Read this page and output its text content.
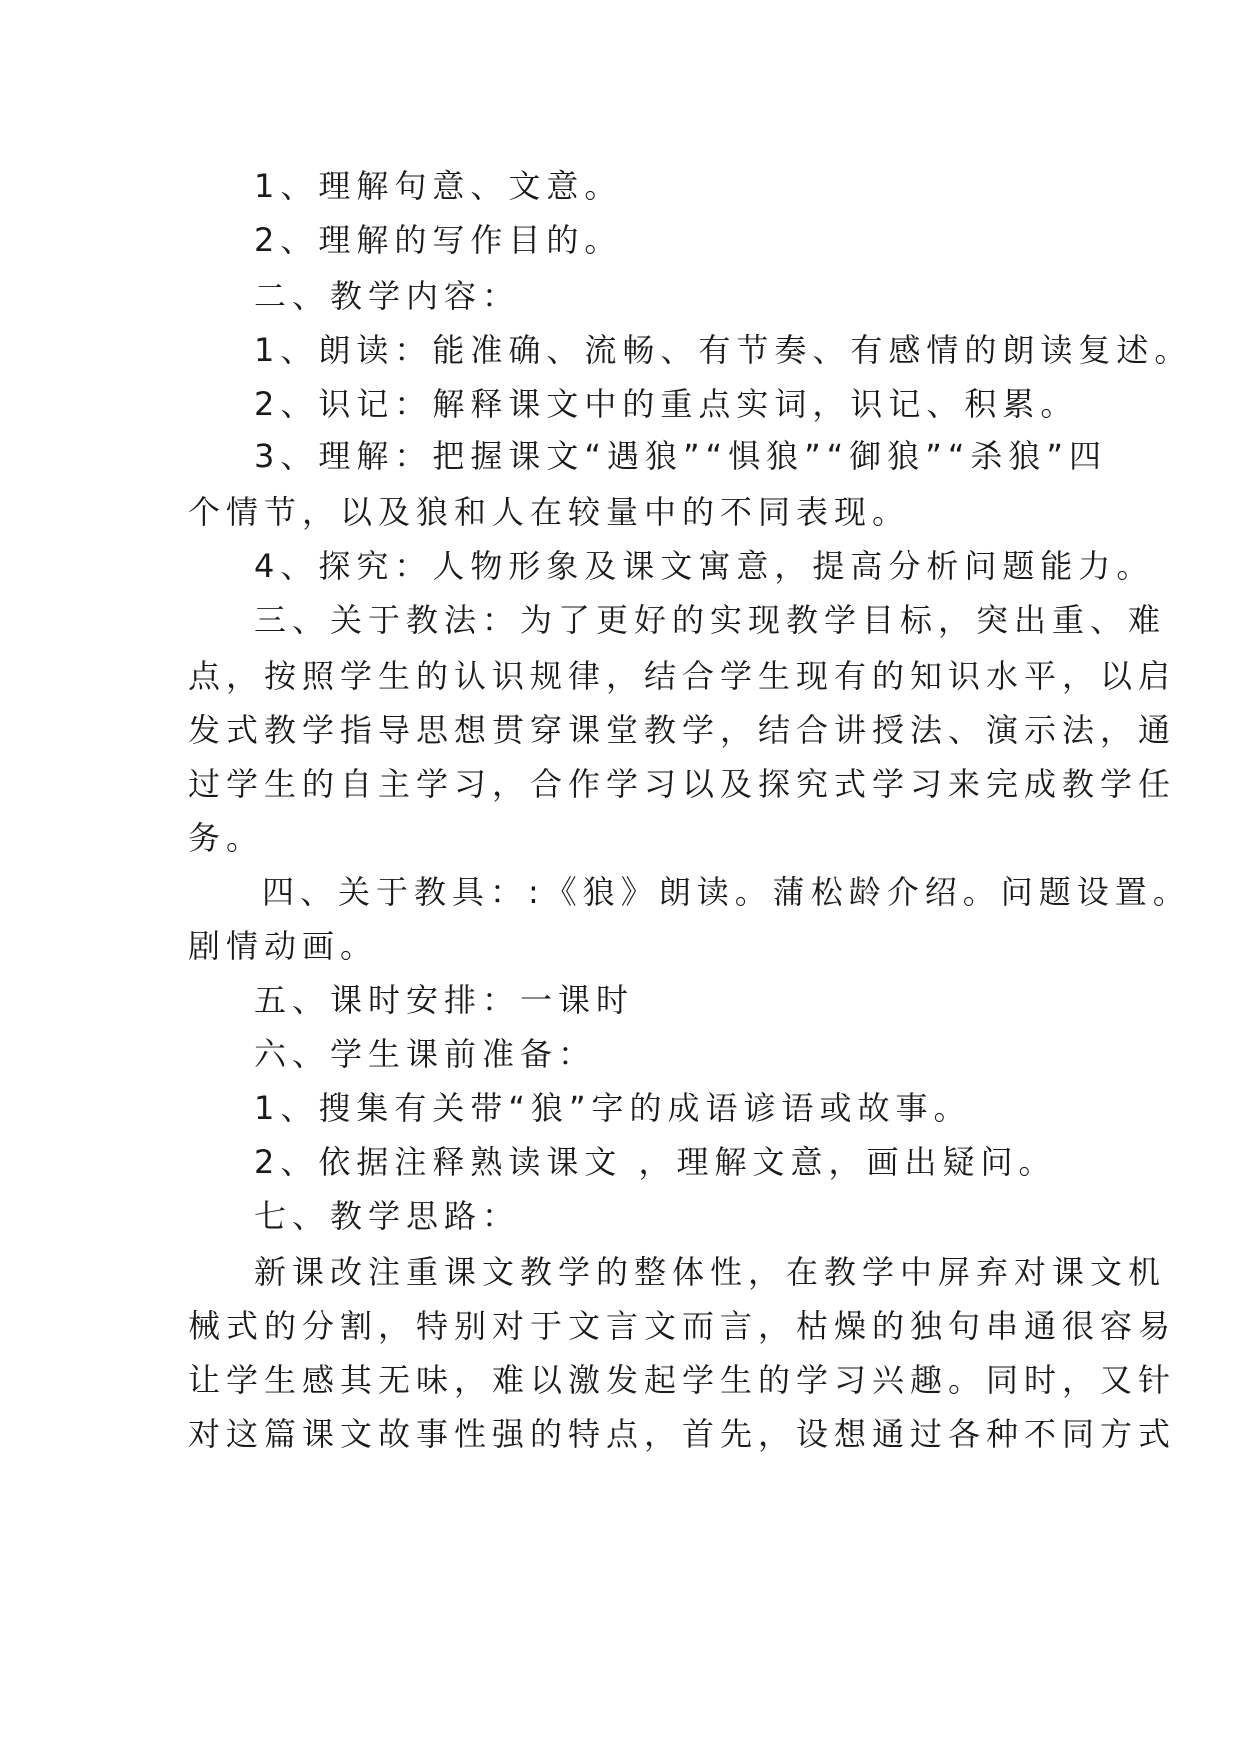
1、理解句意、文意。
2、理解的写作目的。
二、教学内容：
1、朗读：能准确、流畅、有节奏、有感情的朗读复述。
2、识记：解释课文中的重点实词，识记、积累。
3、理解：把握课文“遇狼”“惧狼”“御狼”“杀狼”四
个情节，以及狼和人在较量中的不同表现。
4、探究：人物形象及课文寓意，提高分析问题能力。
三、关于教法：为了更好的实现教学目标，突出重、难
点，按照学生的认识规律，结合学生现有的知识水平，以启
发式教学指导思想贯穿课堂教学，结合讲授法、演示法，通
过学生的自主学习，合作学习以及探究式学习来完成教学任
务。
四、关于教具：:《狼》朗读。蒲松龄介绍。问题设置。
剧情动画。
五、课时安排：一课时
六、学生课前准备：
1、搜集有关带“狼”字的成语谚语或故事。
2、依据注释熟读课文 ，理解文意，画出疑问。
七、教学思路：
新课改注重课文教学的整体性，在教学中屏弃对课文机
械式的分割，特别对于文言文而言，枯燥的独句串通很容易
让学生感其无味，难以激发起学生的学习兴趣。同时，又针
对这篇课文故事性强的特点，首先，设想通过各种不同方式
